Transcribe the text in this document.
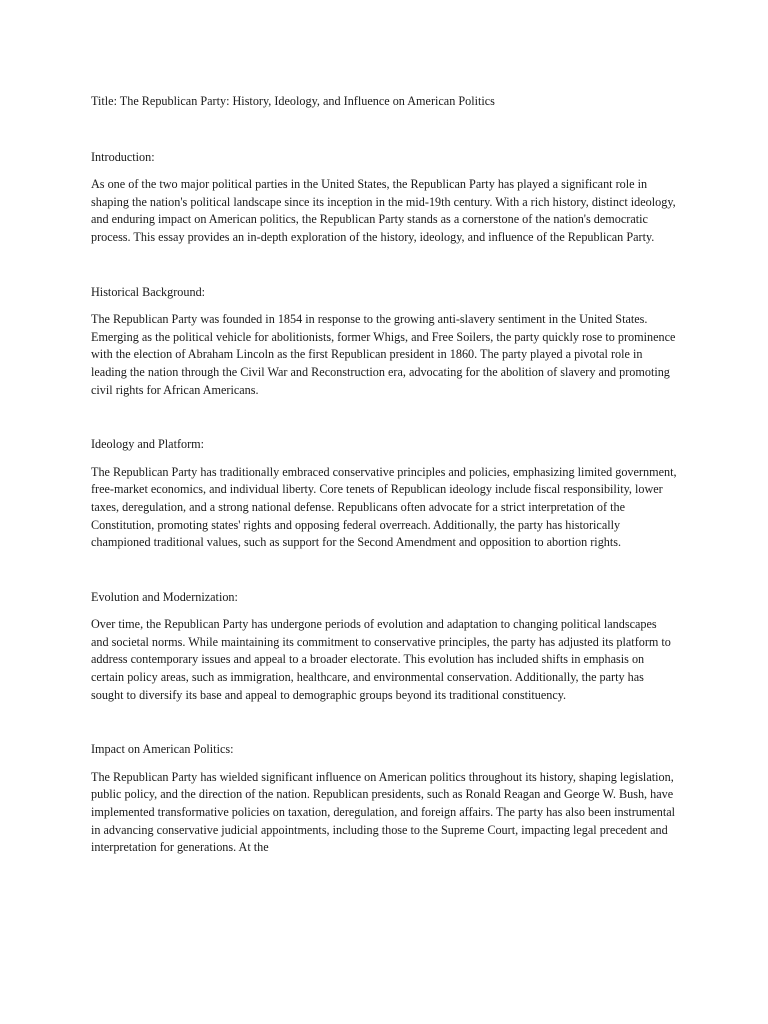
Title: The Republican Party: History, Ideology, and Influence on American Politics

Introduction:

As one of the two major political parties in the United States, the Republican Party has played a significant role in shaping the nation's political landscape since its inception in the mid-19th century. With a rich history, distinct ideology, and enduring impact on American politics, the Republican Party stands as a cornerstone of the nation's democratic process. This essay provides an in-depth exploration of the history, ideology, and influence of the Republican Party.

Historical Background:

The Republican Party was founded in 1854 in response to the growing anti-slavery sentiment in the United States. Emerging as the political vehicle for abolitionists, former Whigs, and Free Soilers, the party quickly rose to prominence with the election of Abraham Lincoln as the first Republican president in 1860. The party played a pivotal role in leading the nation through the Civil War and Reconstruction era, advocating for the abolition of slavery and promoting civil rights for African Americans.

Ideology and Platform:

The Republican Party has traditionally embraced conservative principles and policies, emphasizing limited government, free-market economics, and individual liberty. Core tenets of Republican ideology include fiscal responsibility, lower taxes, deregulation, and a strong national defense. Republicans often advocate for a strict interpretation of the Constitution, promoting states' rights and opposing federal overreach. Additionally, the party has historically championed traditional values, such as support for the Second Amendment and opposition to abortion rights.

Evolution and Modernization:

Over time, the Republican Party has undergone periods of evolution and adaptation to changing political landscapes and societal norms. While maintaining its commitment to conservative principles, the party has adjusted its platform to address contemporary issues and appeal to a broader electorate. This evolution has included shifts in emphasis on certain policy areas, such as immigration, healthcare, and environmental conservation. Additionally, the party has sought to diversify its base and appeal to demographic groups beyond its traditional constituency.

Impact on American Politics:

The Republican Party has wielded significant influence on American politics throughout its history, shaping legislation, public policy, and the direction of the nation. Republican presidents, such as Ronald Reagan and George W. Bush, have implemented transformative policies on taxation, deregulation, and foreign affairs. The party has also been instrumental in advancing conservative judicial appointments, including those to the Supreme Court, impacting legal precedent and interpretation for generations. At the
